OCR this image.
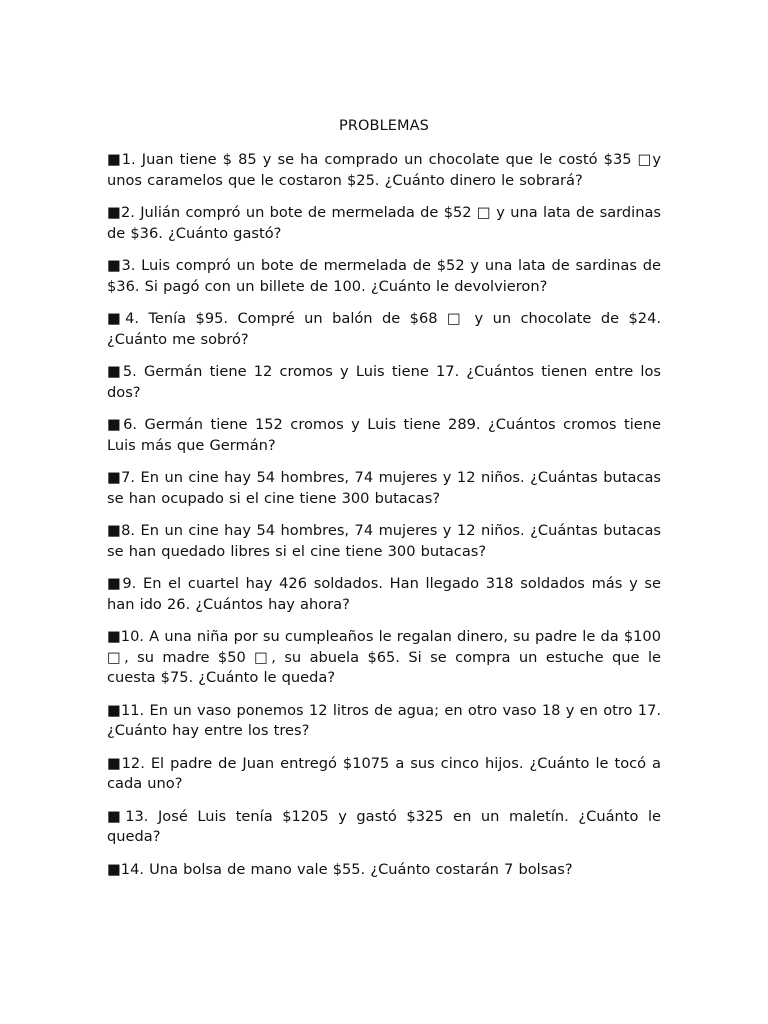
PROBLEMAS

■1. Juan tiene $ 85 y se ha comprado un chocolate que le costó $35 □y unos caramelos que le costaron $25. ¿Cuánto dinero le sobrará?

■2. Julián compró un bote de mermelada de $52 □ y una lata de sardinas de $36. ¿Cuánto gastó?

■3. Luis compró un bote de mermelada de $52 y una lata de sardinas de $36. Si pagó con un billete de 100. ¿Cuánto le devolvieron?

■4. Tenía $95. Compré un balón de $68 □ y un chocolate de $24. ¿Cuánto me sobró?

■5. Germán tiene 12 cromos y Luis tiene 17. ¿Cuántos tienen entre los dos?

■6. Germán tiene 152 cromos y Luis tiene 289. ¿Cuántos cromos tiene Luis más que Germán?

■7. En un cine hay 54 hombres, 74 mujeres y 12 niños. ¿Cuántas butacas se han ocupado si el cine tiene 300 butacas?

■8. En un cine hay 54 hombres, 74 mujeres y 12 niños. ¿Cuántas butacas se han quedado libres si el cine tiene 300 butacas?

■9. En el cuartel hay 426 soldados. Han llegado 318 soldados más y se han ido 26. ¿Cuántos hay ahora?

■10. A una niña por su cumpleaños le regalan dinero, su padre le da $100 □, su madre $50 □, su abuela $65. Si se compra un estuche que le cuesta $75. ¿Cuánto le queda?

■11. En un vaso ponemos 12 litros de agua; en otro vaso 18 y en otro 17. ¿Cuánto hay entre los tres?

■12. El padre de Juan entregó $1075 a sus cinco hijos. ¿Cuánto le tocó a cada uno?

■13. José Luis tenía $1205 y gastó $325 en un maletín. ¿Cuánto le queda?

■14. Una bolsa de mano vale $55. ¿Cuánto costarán 7 bolsas?
